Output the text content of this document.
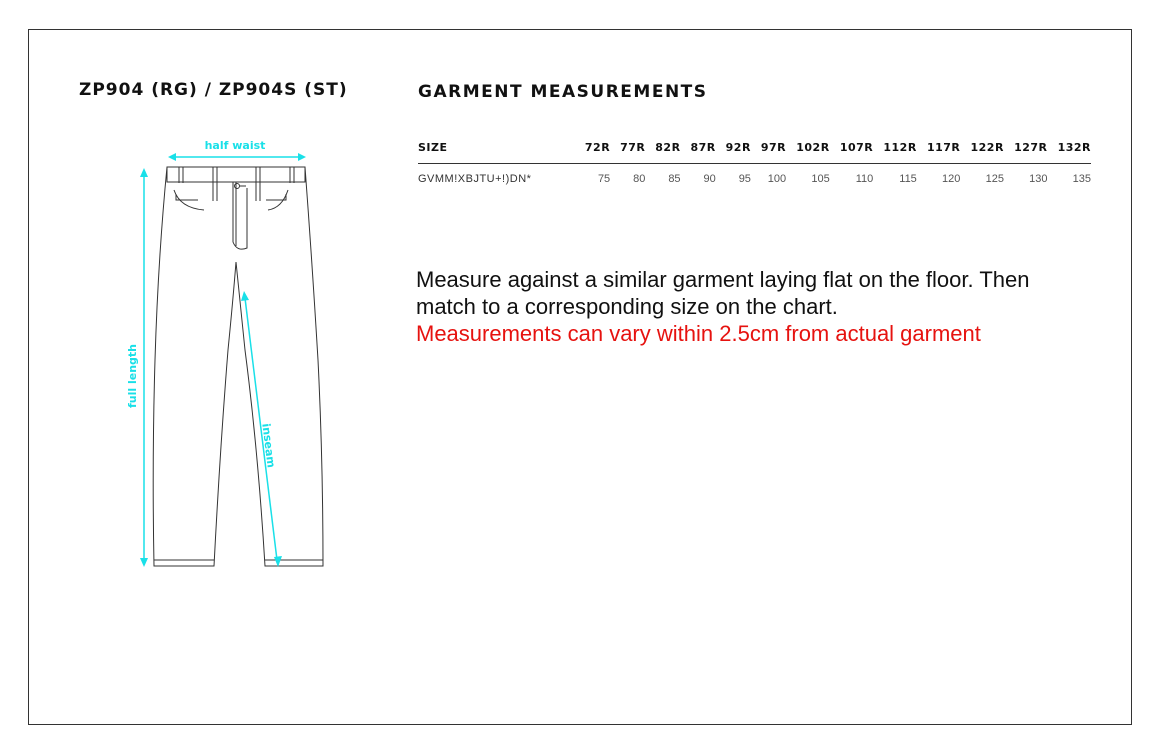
ZP904 (RG) / ZP904S (ST)	GARMENT MEASUREMENTS
SIZE	72R	77R	82R	87R	92R	97R	102R	107R	112R	117R	122R	127R	132R
GVMM!XBJTU+!)DN*	75	80	85	90	95	100	105	110	115	120	125	130	135
Measure against a similar garment laying flat on the floor. Then
match to a corresponding size on the chart.
Measurements can vary within 2.5cm from actual garment
half waist
full length
inseam
